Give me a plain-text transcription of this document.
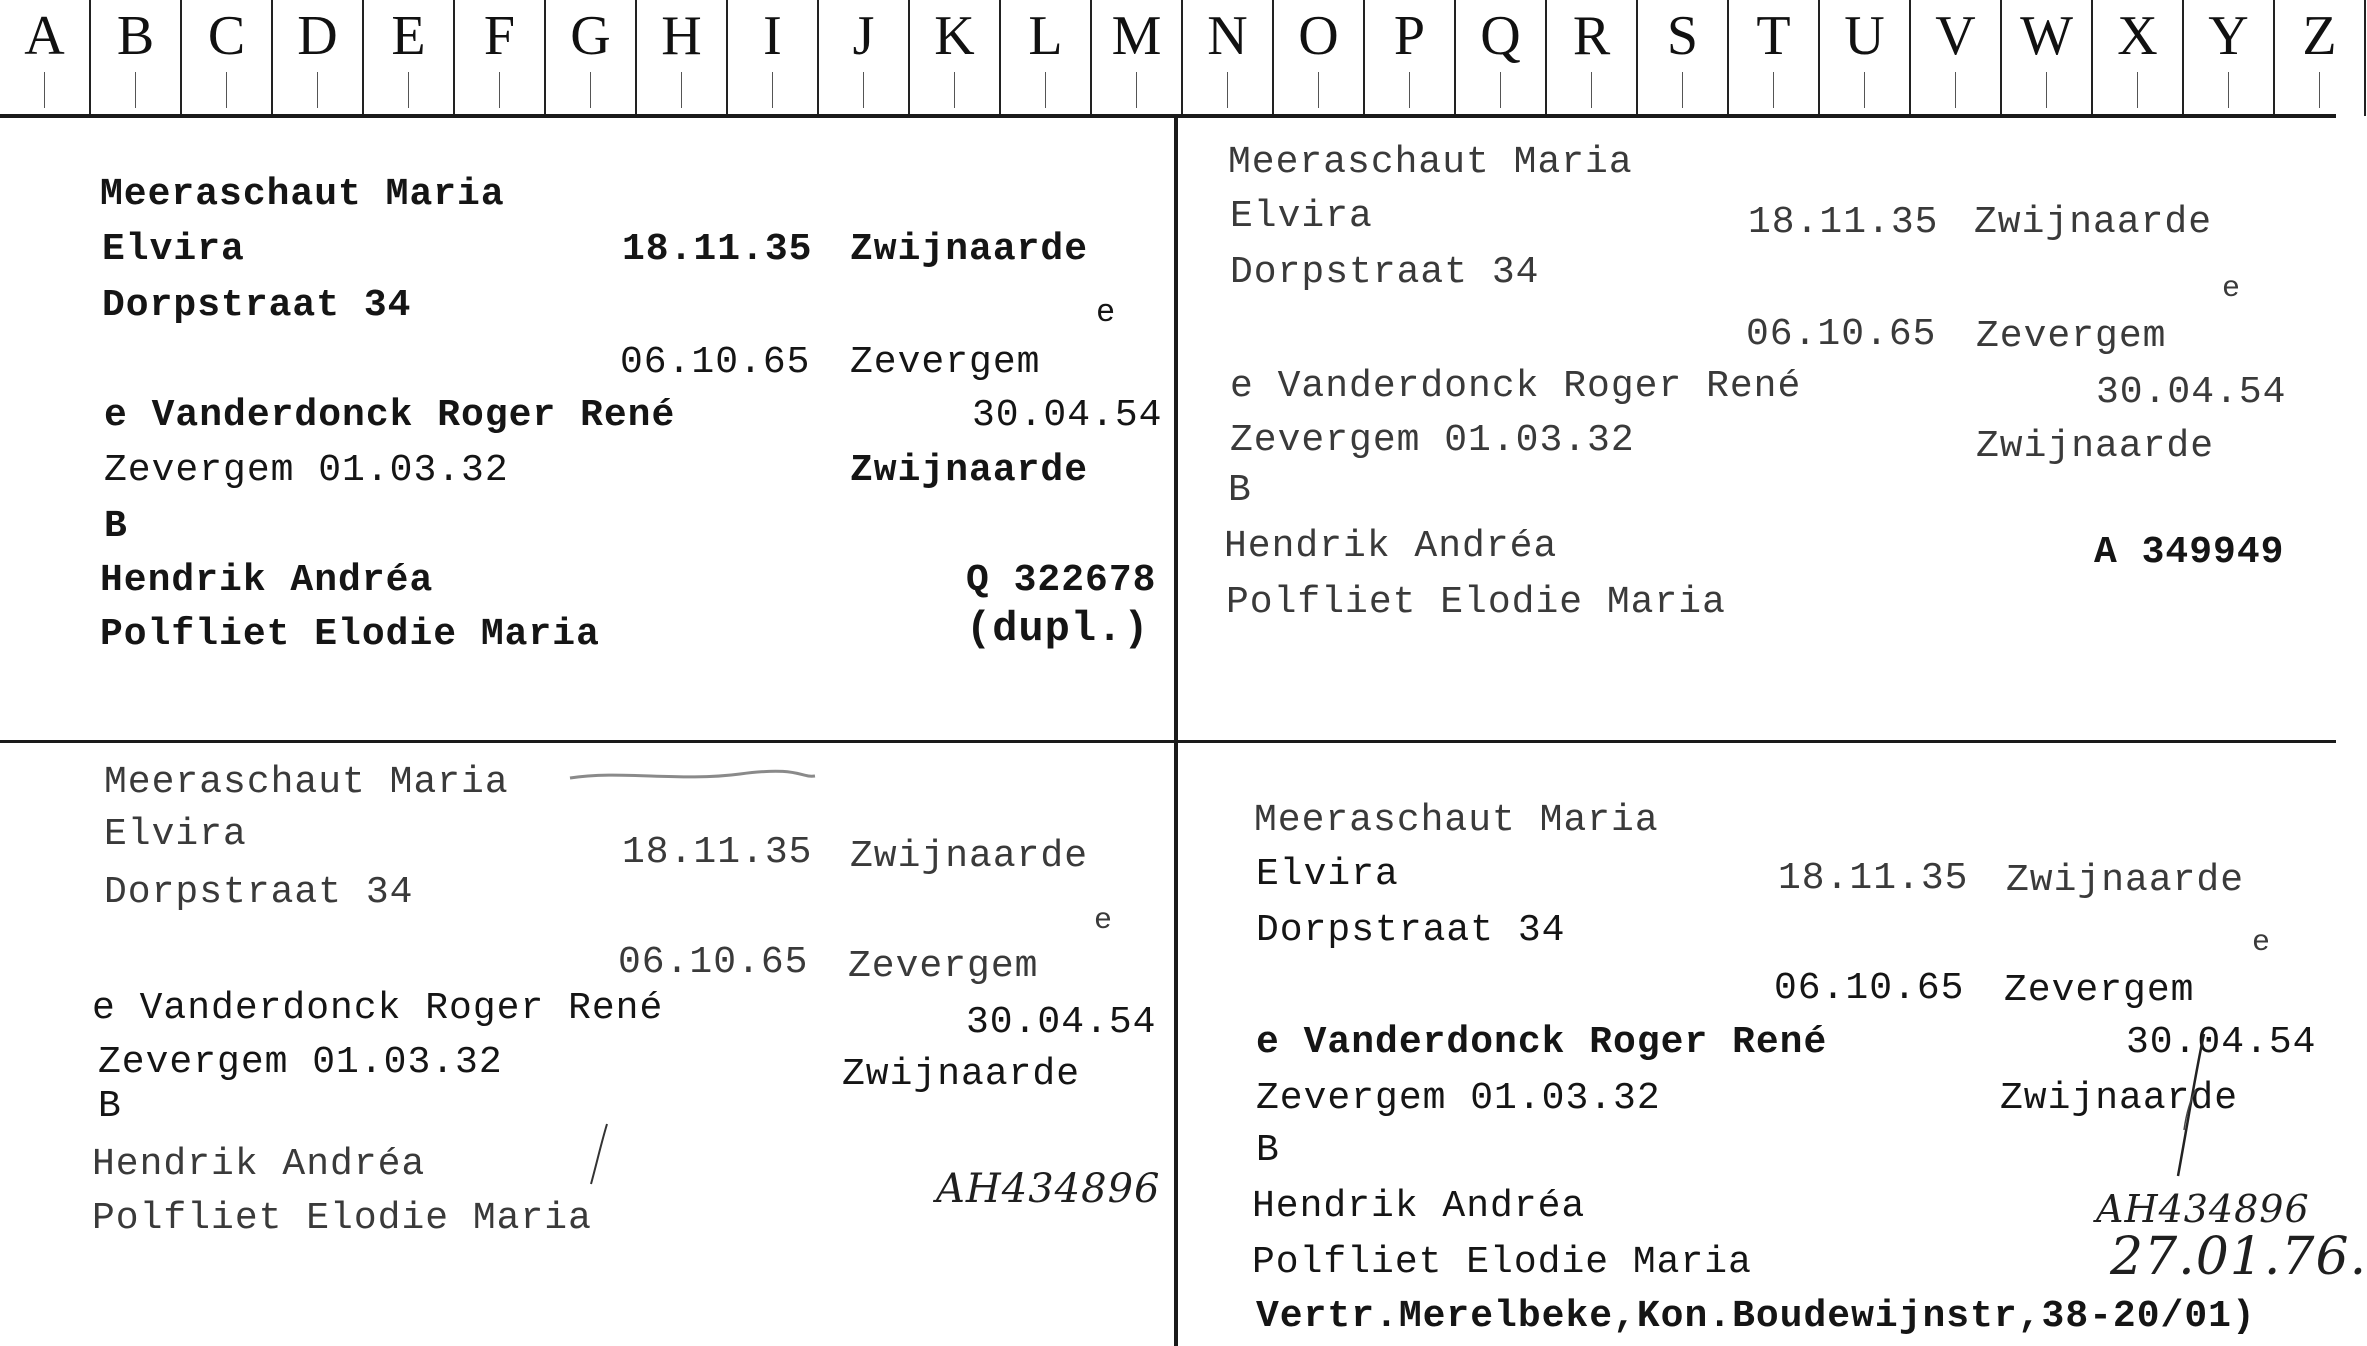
A B C D E	F G H	I	J	K L M N O P Q R	S	T U V W X Y Z
Meeraschaut Maria
Elvira	18.11.35 Zwijnaarde
Dorpstraat 34	e
06.10.65 Zevergem
e Vanderdonck Roger René	30.04.54
Zevergem 01.03.32	Zwijnaarde
B
Hendrik Andréa	Q 322678
Polfliet Elodie Maria	(dupl.)
Meeraschaut Maria
Elvira	18.11.35 Zwijnaarde
Dorpstraat 34	e
06.10.65 Zevergem
e Vanderdonck Roger René	30.04.54
Zevergem 01.03.32	Zwijnaarde
B
Hendrik Andréa	A 349949
Polfliet Elodie Maria
Meeraschaut Maria
Elvira	18.11.35 Zwijnaarde
Dorpstraat 34
e
06.10.65 Zevergem
e Vanderdonck Roger René	30.04.54
Zevergem 01.03.32	Zwijnaarde
B
Hendrik Andréa
AH434896
Polfliet Elodie Maria
Meeraschaut Maria
Elvira	18.11.35 Zwijnaarde
Dorpstraat 34	e
06.10.65 Zevergem
e Vanderdonck Roger René	30.04.54
Zevergem 01.03.32	Zwijnaarde
B
Hendrik Andréa	AH434896
Polfliet Elodie Maria	27.01.76.
Vertr.Merelbeke,Kon.Boudewijnstr,38-20/01)
